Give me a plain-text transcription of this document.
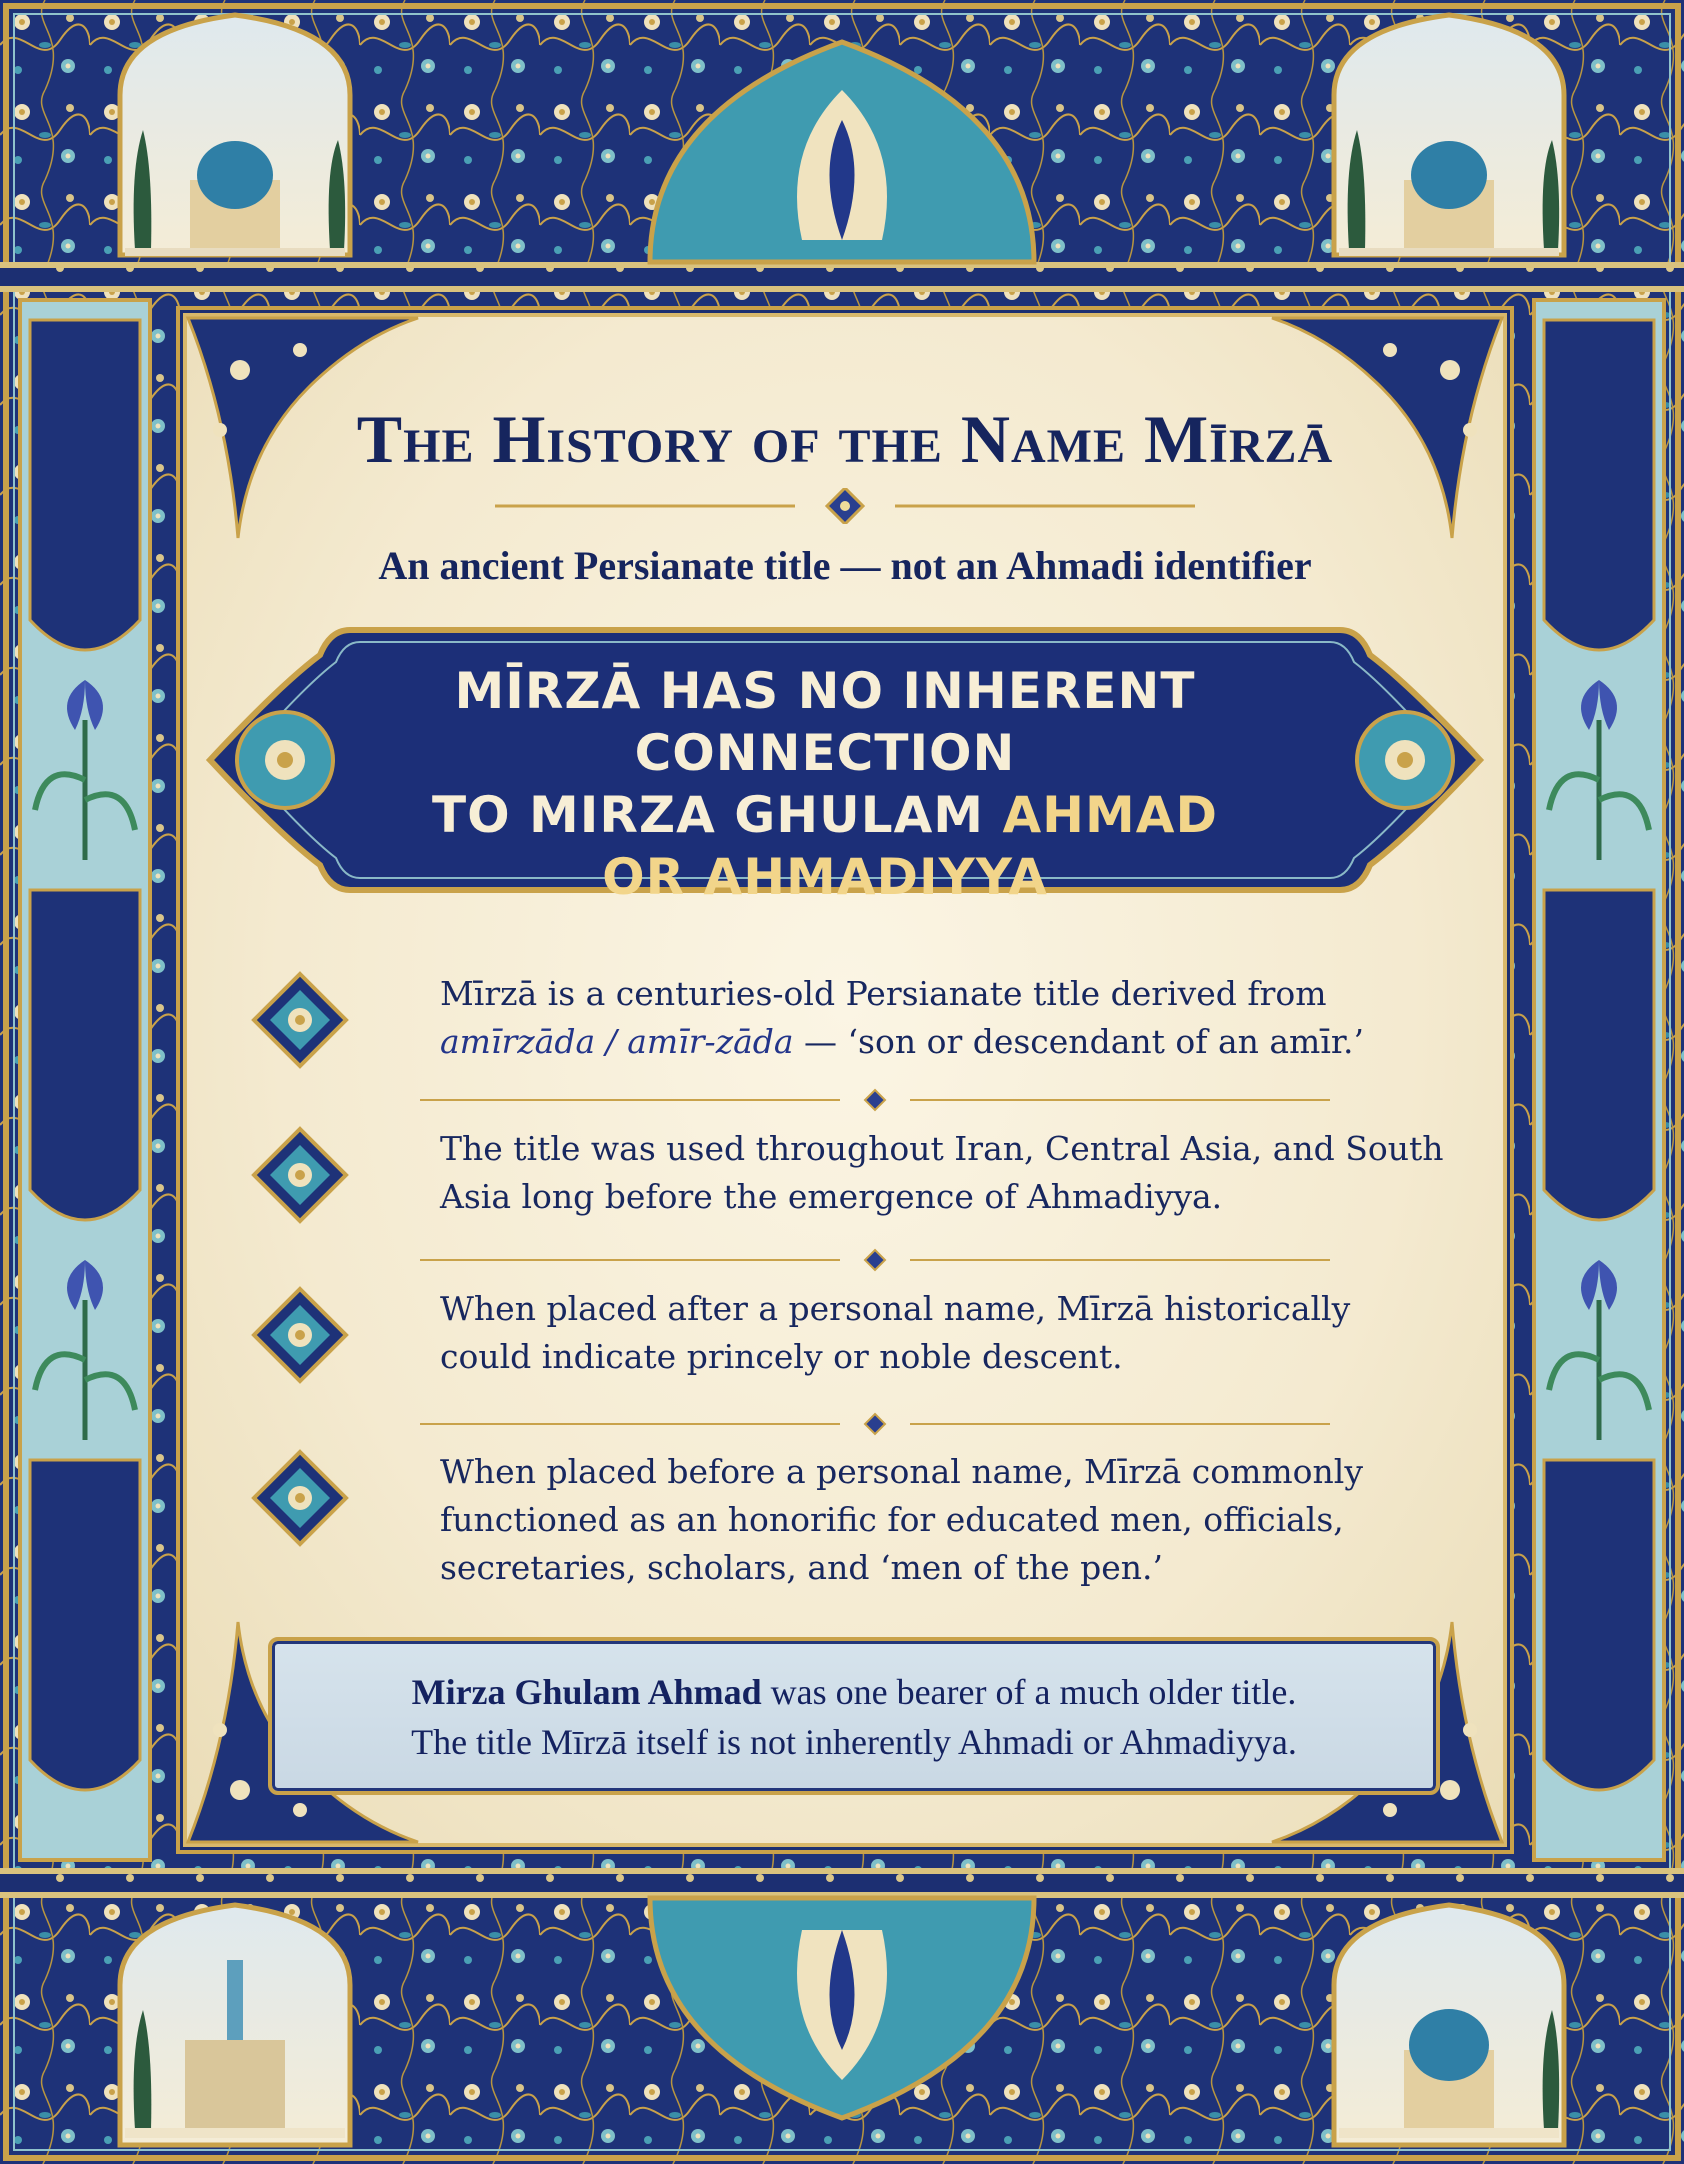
The History of the Name Mīrzā
An ancient Persianate title — not an Ahmadi identifier
MĪRZĀ HAS NO INHERENT CONNECTION
TO MIRZA GHULAM AHMAD
OR AHMADIYYA
Mīrzā is a centuries-old Persianate title derived from
amīrzāda / amīr-zāda — ‘son or descendant of an amīr.’
The title was used throughout Iran, Central Asia, and South Asia long before the emergence of Ahmadiyya.
When placed after a personal name, Mīrzā historically could indicate princely or noble descent.
When placed before a personal name, Mīrzā commonly functioned as an honorific for educated men, officials, secretaries, scholars, and ‘men of the pen.’
Mirza Ghulam Ahmad was one bearer of a much older title.
The title Mīrzā itself is not inherently Ahmadi or Ahmadiyya.
